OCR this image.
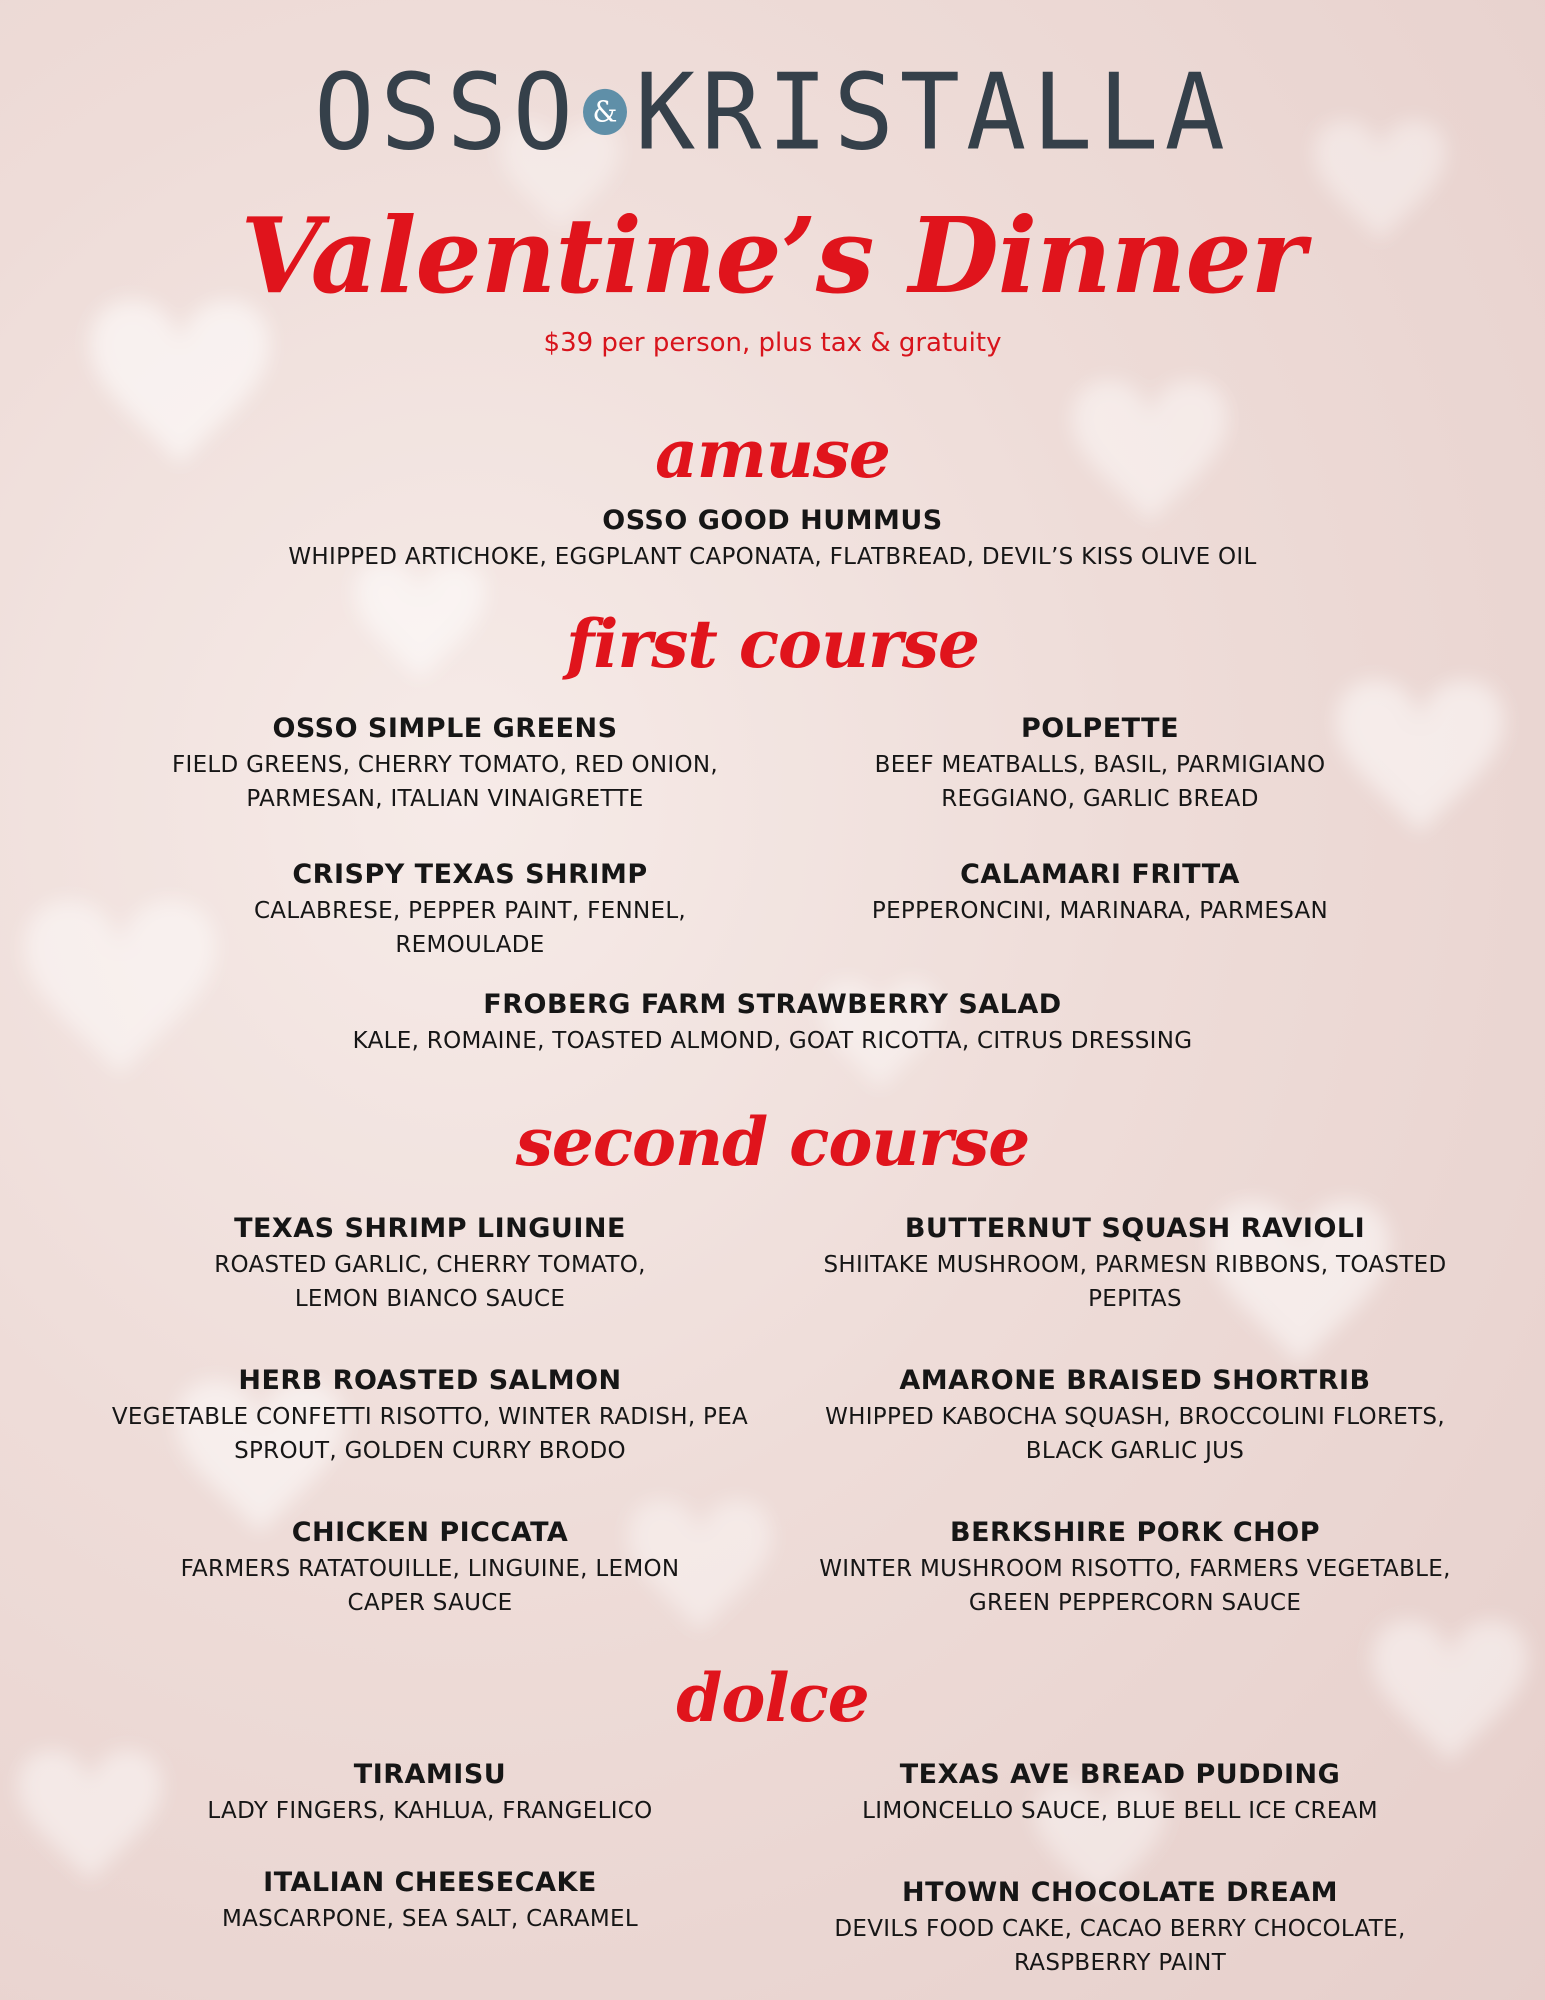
OSSO & KRISTALLA
Valentine’s Dinner
$39 per person, plus tax & gratuity
amuse
OSSO GOOD HUMMUS
WHIPPED ARTICHOKE, EGGPLANT CAPONATA, FLATBREAD, DEVIL’S KISS OLIVE OIL
first course
OSSO SIMPLE GREENS
FIELD GREENS, CHERRY TOMATO, RED ONION, PARMESAN, ITALIAN VINAIGRETTE
POLPETTE
BEEF MEATBALLS, BASIL, PARMIGIANO REGGIANO, GARLIC BREAD
CRISPY TEXAS SHRIMP
CALABRESE, PEPPER PAINT, FENNEL, REMOULADE
CALAMARI FRITTA
PEPPERONCINI, MARINARA, PARMESAN
FROBERG FARM STRAWBERRY SALAD
KALE, ROMAINE, TOASTED ALMOND, GOAT RICOTTA, CITRUS DRESSING
second course
TEXAS SHRIMP LINGUINE
ROASTED GARLIC, CHERRY TOMATO, LEMON BIANCO SAUCE
BUTTERNUT SQUASH RAVIOLI
SHIITAKE MUSHROOM, PARMESN RIBBONS, TOASTED PEPITAS
HERB ROASTED SALMON
VEGETABLE CONFETTI RISOTTO, WINTER RADISH, PEA SPROUT, GOLDEN CURRY BRODO
AMARONE BRAISED SHORTRIB
WHIPPED KABOCHA SQUASH, BROCCOLINI FLORETS, BLACK GARLIC JUS
CHICKEN PICCATA
FARMERS RATATOUILLE, LINGUINE, LEMON CAPER SAUCE
BERKSHIRE PORK CHOP
WINTER MUSHROOM RISOTTO, FARMERS VEGETABLE, GREEN PEPPERCORN SAUCE
dolce
TIRAMISU
LADY FINGERS, KAHLUA, FRANGELICO
TEXAS AVE BREAD PUDDING
LIMONCELLO SAUCE, BLUE BELL ICE CREAM
ITALIAN CHEESECAKE
MASCARPONE, SEA SALT, CARAMEL
HTOWN CHOCOLATE DREAM
DEVILS FOOD CAKE, CACAO BERRY CHOCOLATE, RASPBERRY PAINT
